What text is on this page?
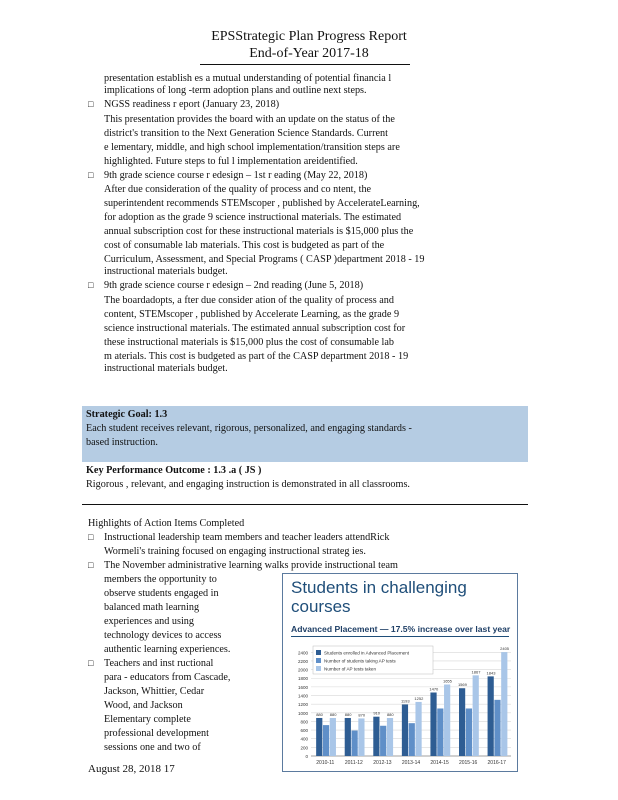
EPSStrategic Plan Progress Report
End-of-Year 2017-18
presentation establish es a mutual understanding of potential financia l
implications of long -term adoption plans and outline next steps.
□	NGSS readiness r eport (January 23, 2018)
This presentation provides the board with an update on the status of the
district's transition to the Next Generation Science Standards. Current
e lementary, middle, and high school implementation/transition steps are
highlighted. Future steps to ful l implementation areidentified.
□	9th grade science course r edesign – 1st r eading (May 22, 2018)
After due consideration of the quality of process and co ntent, the
superintendent recommends STEMscoper , published by AccelerateLearning,
for adoption as the grade 9 science instructional materials. The estimated
annual subscription cost for these instructional materials is $15,000 plus the
cost of consumable lab materials. This cost is budgeted as part of the
Curriculum, Assessment, and Special Programs ( CASP )department 2018 - 19
instructional materials budget.
□	9th grade science course r edesign – 2nd reading (June 5, 2018)
The boardadopts, a fter due consider ation of the quality of process and
content, STEMscoper , published by Accelerate Learning, as the grade 9
science instructional materials. The estimated annual subscription cost for
these instructional materials is $15,000 plus the cost of consumable lab
m aterials. This cost is budgeted as part of the CASP department 2018 - 19
instructional materials budget.
Strategic Goal: 1.3
Each student receives relevant, rigorous, personalized, and engaging standards -
based instruction.
Key Performance Outcome : 1.3 .a ( JS )
Rigorous , relevant, and engaging instruction is demonstrated in all classrooms.
Highlights of Action Items Completed
□	Instructional leadership team members and teacher leaders attendRick
Wormeli's training focused on engaging instructional strateg ies.
□	The November administrative learning walks provide instructional team
members the opportunity to
observe students engaged in
balanced math learning
experiences and using
technology devices to access
authentic learning experiences.
□	Teachers and inst ructional
para - educators from Cascade,
Jackson, Whittier, Cedar
Wood, and Jackson
Elementary complete
professional development
sessions one and two of
Students in challenging courses
Advanced Placement — 17.5% increase over last year
0
200
400
600
800
1000
1200
1400
1600
1800
2000
2200
2400
2010-11
880 880
2011-12
880 870
2012-13
910 880
2013-14
1193
1252
2014-15
1470
1655
2015-16
1569
1867
2016-17
1843
2405
Students enrolled in Advanced Placement
Number of students taking AP tests
Number of AP tests taken
August 28, 2018 17
